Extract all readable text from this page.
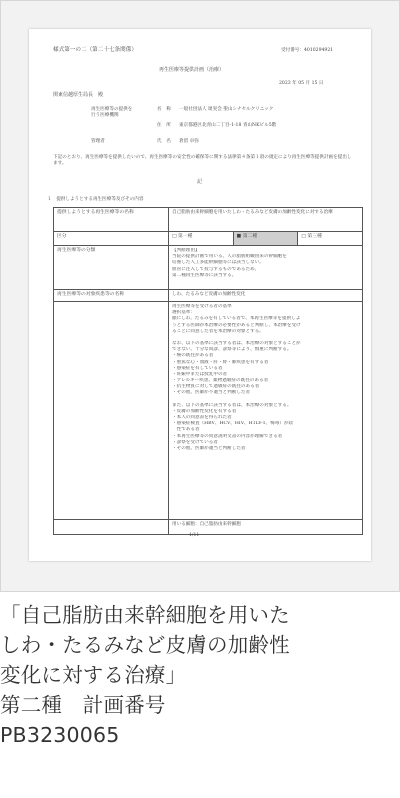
様式第一の二（第二十七条関係）	受付番号：4010294921
再生医療等提供計画（治療）
2023 年 05 月 15 日
関東信越厚生局長　殿
再生医療等の提供を
行う医療機関
名　称 一般社団法人 頌実会 聖山シナセルクリニック
住　所 東京都港区北青山二丁目-1-18 青山NKビル5階
管理者	氏　名 倉留 卓弥
下記のとおり、再生医療等を提供したいので、再生医療等の安全性の確保等に関する法律第４条第１項の規定により再生医療等提供計画を提出します。
記
１　提供しようとする再生医療等及びその内容
提供しようとする再生医療等の名称	自己脂肪由来幹細胞を用いたしわ・たるみなど皮膚の加齢性変化に対する治療
区分	□ 第一種	■ 第二種	□ 第三種
再生医療等の分類	【判断理由】
当院の提供計画で用いる、人の脂肪組織由来の幹細胞を
培養した人工多能幹細胞等には該当しない。
血管に注入して投与するものであるため、
第二種再生医療等に該当する。
再生医療等の対象疾患等の名称	しわ、たるみなど皮膚の加齢性変化
再生医療等を受ける者の基準
選択基準：
顔にしわ、たるみを有している者で、本再生医療等を提供しよ
うとする医師が本治療の必要性があると判断し、本治療を受け
ることに同意した者を本治療の対象とする。
なお、以下の基準に該当する者は、本治療の対象とすることが
できない。十分な問診、診察等により、慎重に判断する。
・癌の既往がある者
・重篤な心・血液・肝・腎・肺疾患を有する者
・感染症を有している者
・妊娠中または授乳中の者
・アレルギー疾患、薬物過敏症の既往のある者
・抗生物質に対して過敏症の既往のある者
・その他、医師が不適当と判断した者
また、以下の基準に該当する者は、本治療の対象とする。
・皮膚の加齢性変化を有する者
・本人の同意書を得られた者
・感染症検査（HBV、HCV、HIV、HTLV-1、梅毒）が陰
　性である者
・本再生医療等の同意説明文書の内容が理解できる者
・診察を受けている者
・その他、医師が適当と判断した者
用いる細胞：自己脂肪由来幹細胞
1/11
「自己脂肪由来幹細胞を用いた
しわ・たるみなど皮膚の加齢性
変化に対する治療」
第二種　計画番号
PB3230065
